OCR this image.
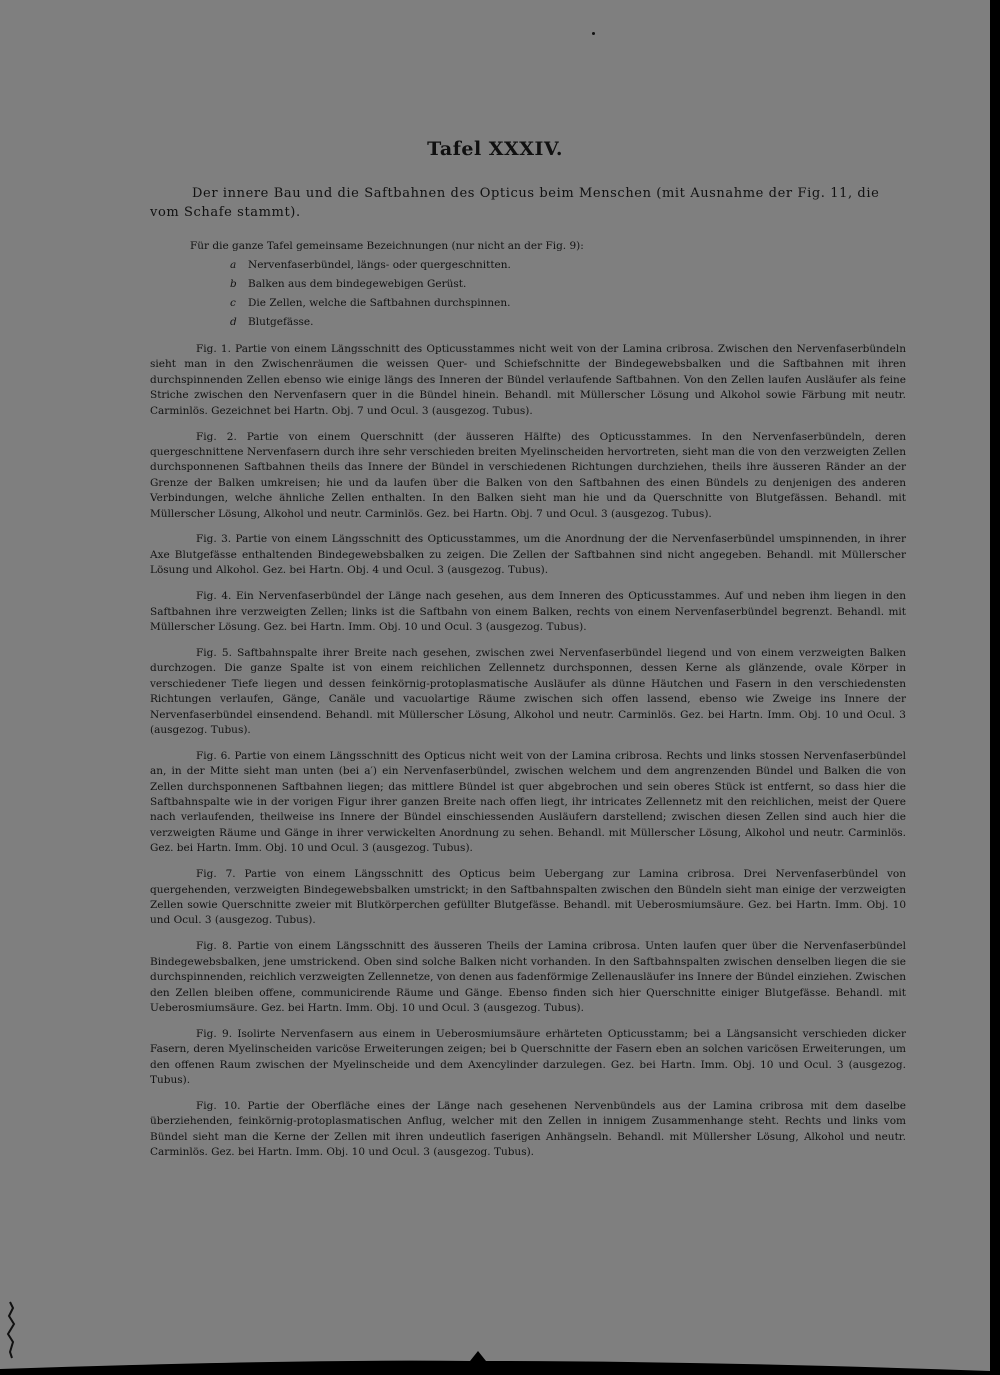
Tafel XXXIV.
Der innere Bau und die Saftbahnen des Opticus beim Menschen (mit Ausnahme der Fig. 11, die vom Schafe stammt).
Für die ganze Tafel gemeinsame Bezeichnungen (nur nicht an der Fig. 9):
a Nervenfaserbündel, längs- oder quergeschnitten.
b Balken aus dem bindegewebigen Gerüst.
c Die Zellen, welche die Saftbahnen durchspinnen.
d Blutgefässe.

Fig. 1. Partie von einem Längsschnitt des Opticusstammes nicht weit von der Lamina cribrosa. Zwischen den Nervenfaserbündeln sieht man in den Zwischenräumen die weissen Quer- und Schiefschnitte der Bindegewebsbalken und die Saftbahnen mit ihren durchspinnenden Zellen ebenso wie einige längs des Inneren der Bündel verlaufende Saftbahnen. Von den Zellen laufen Ausläufer als feine Striche zwischen den Nervenfasern quer in die Bündel hinein. Behandl. mit Müllerscher Lösung und Alkohol sowie Färbung mit neutr. Carminlös. Gezeichnet bei Hartn. Obj. 7 und Ocul. 3 (ausgezog. Tubus).

Fig. 2. Partie von einem Querschnitt (der äusseren Hälfte) des Opticusstammes. In den Nervenfaserbündeln, deren quergeschnittene Nervenfasern durch ihre sehr verschieden breiten Myelinscheiden hervortreten, sieht man die von den verzweigten Zellen durchsponnenen Saftbahnen theils das Innere der Bündel in verschiedenen Richtungen durchziehen, theils ihre äusseren Ränder an der Grenze der Balken umkreisen; hie und da laufen über die Balken von den Saftbahnen des einen Bündels zu denjenigen des anderen Verbindungen, welche ähnliche Zellen enthalten. In den Balken sieht man hie und da Querschnitte von Blutgefässen. Behandl. mit Müllerscher Lösung, Alkohol und neutr. Carminlös. Gez. bei Hartn. Obj. 7 und Ocul. 3 (ausgezog. Tubus).

Fig. 3. Partie von einem Längsschnitt des Opticusstammes, um die Anordnung der die Nervenfaserbündel umspinnenden, in ihrer Axe Blutgefässe enthaltenden Bindegewebsbalken zu zeigen. Die Zellen der Saftbahnen sind nicht angegeben. Behandl. mit Müllerscher Lösung und Alkohol. Gez. bei Hartn. Obj. 4 und Ocul. 3 (ausgezog. Tubus).

Fig. 4. Ein Nervenfaserbündel der Länge nach gesehen, aus dem Inneren des Opticusstammes. Auf und neben ihm liegen in den Saftbahnen ihre verzweigten Zellen; links ist die Saftbahn von einem Balken, rechts von einem Nervenfaserbündel begrenzt. Behandl. mit Müllerscher Lösung. Gez. bei Hartn. Imm. Obj. 10 und Ocul. 3 (ausgezog. Tubus).

Fig. 5. Saftbahnspalte ihrer Breite nach gesehen, zwischen zwei Nervenfaserbündel liegend und von einem verzweigten Balken durchzogen. Die ganze Spalte ist von einem reichlichen Zellennetz durchsponnen, dessen Kerne als glänzende, ovale Körper in verschiedener Tiefe liegen und dessen feinkörnig-protoplasmatische Ausläufer als dünne Häutchen und Fasern in den verschiedensten Richtungen verlaufen, Gänge, Canäle und vacuolartige Räume zwischen sich offen lassend, ebenso wie Zweige ins Innere der Nervenfaserbündel einsendend. Behandl. mit Müllerscher Lösung, Alkohol und neutr. Carminlös. Gez. bei Hartn. Imm. Obj. 10 und Ocul. 3 (ausgezog. Tubus).

Fig. 6. Partie von einem Längsschnitt des Opticus nicht weit von der Lamina cribrosa. Rechts und links stossen Nervenfaserbündel an, in der Mitte sieht man unten (bei a′) ein Nervenfaserbündel, zwischen welchem und dem angrenzenden Bündel und Balken die von Zellen durchsponnenen Saftbahnen liegen; das mittlere Bündel ist quer abgebrochen und sein oberes Stück ist entfernt, so dass hier die Saftbahnspalte wie in der vorigen Figur ihrer ganzen Breite nach offen liegt, ihr intricates Zellennetz mit den reichlichen, meist der Quere nach verlaufenden, theilweise ins Innere der Bündel einschiessenden Ausläufern darstellend; zwischen diesen Zellen sind auch hier die verzweigten Räume und Gänge in ihrer verwickelten Anordnung zu sehen. Behandl. mit Müllerscher Lösung, Alkohol und neutr. Carminlös. Gez. bei Hartn. Imm. Obj. 10 und Ocul. 3 (ausgezog. Tubus).

Fig. 7. Partie von einem Längsschnitt des Opticus beim Uebergang zur Lamina cribrosa. Drei Nervenfaserbündel von quergehenden, verzweigten Bindegewebsbalken umstrickt; in den Saftbahnspalten zwischen den Bündeln sieht man einige der verzweigten Zellen sowie Querschnitte zweier mit Blutkörperchen gefüllter Blutgefässe. Behandl. mit Ueberosmiumsäure. Gez. bei Hartn. Imm. Obj. 10 und Ocul. 3 (ausgezog. Tubus).

Fig. 8. Partie von einem Längsschnitt des äusseren Theils der Lamina cribrosa. Unten laufen quer über die Nervenfaserbündel Bindegewebsbalken, jene umstrickend. Oben sind solche Balken nicht vorhanden. In den Saftbahnspalten zwischen denselben liegen die sie durchspinnenden, reichlich verzweigten Zellennetze, von denen aus fadenförmige Zellenausläufer ins Innere der Bündel einziehen. Zwischen den Zellen bleiben offene, communicirende Räume und Gänge. Ebenso finden sich hier Querschnitte einiger Blutgefässe. Behandl. mit Ueberosmiumsäure. Gez. bei Hartn. Imm. Obj. 10 und Ocul. 3 (ausgezog. Tubus).

Fig. 9. Isolirte Nervenfasern aus einem in Ueberosmiumsäure erhärteten Opticusstamm; bei a Längsansicht verschieden dicker Fasern, deren Myelinscheiden varicöse Erweiterungen zeigen; bei b Querschnitte der Fasern eben an solchen varicösen Erweiterungen, um den offenen Raum zwischen der Myelinscheide und dem Axencylinder darzulegen. Gez. bei Hartn. Imm. Obj. 10 und Ocul. 3 (ausgezog. Tubus).

Fig. 10. Partie der Oberfläche eines der Länge nach gesehenen Nervenbündels aus der Lamina cribrosa mit dem daselbe überziehenden, feinkörnig-protoplasmatischen Anflug, welcher mit den Zellen in innigem Zusammenhange steht. Rechts und links vom Bündel sieht man die Kerne der Zellen mit ihren undeutlich faserigen Anhängseln. Behandl. mit Müllersher Lösung, Alkohol und neutr. Carminlös. Gez. bei Hartn. Imm. Obj. 10 und Ocul. 3 (ausgezog. Tubus).
